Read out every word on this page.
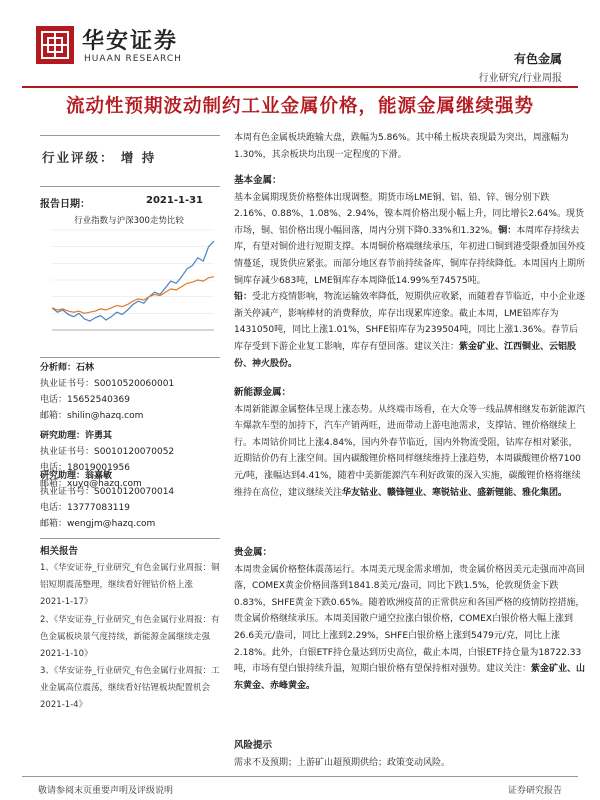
华安证券
HUAAN RESEARCH	有色金属
行业研究/行业周报
流动性预期波动制约工业金属价格，能源金属继续强势
行业评级： 增 持
报告日期：	2021-1-31
行业指数与沪深300走势比较
分析师：石林
执业证书号：S0010520060001
电话：15652540369
邮箱：shilin@hazq.com
研究助理：许勇其
执业证书号：S0010120070052
电话：18019001956
邮箱：xuyq@hazq.com
研究助理：翁嘉敏
执业证书号：S0010120070014
电话：13777083119
邮箱：wengjm@hazq.com
相关报告
1、《华安证券_行业研究_有色金属行业周报：铜铝短期震荡整理，继续看好锂钴价格上涨 2021-1-17》
2、《华安证券_行业研究_有色金属行业周报：有色金属板块景气度持续，新能源金属继续走强 2021-1-10》
3、《华安证券_行业研究_有色金属行业周报：工业金属高位震荡，继续看好钴锂板块配置机会 2021-1-4》
本周有色金属板块跑输大盘，跌幅为5.86%。其中稀土板块表现最为突出，周涨幅为1.30%，其余板块均出现一定程度的下滑。
基本金属：
基本金属期现货价格整体出现调整。期货市场LME铜、铝、铅、锌、锡分别下跌2.16%、0.88%、1.08%、2.94%，镍本周价格出现小幅上升，同比增长2.64%。现货市场，铜、铝价格出现小幅回落，周内分别下降0.33%和1.32%。铜：本周库存持续去库，有望对铜价进行短期支撑。本周铜价格端继续承压，年初进口铜到港受限叠加国外疫情蔓延，现货供应紧张。而部分地区春节前持续备库，铜库存持续降低。本周国内上期所铜库存减少683吨，LME铜库存本周降低14.99%至74575吨。
铅：受北方疫情影响，物流运输效率降低，短期供应收紧，而随着春节临近，中小企业逐渐关停减产，影响棒材的消费释放，库存出现累库迹象。截止本周，LME铅库存为1431050吨，同比上涨1.01%，SHFE铅库存为239504吨，同比上涨1.36%。春节后库存受到下游企业复工影响，库存有望回落。建议关注：紫金矿业、江西铜业、云铝股份、神火股份。
新能源金属：
本周新能源金属整体呈现上涨态势。从终端市场看，在大众等一线品牌相继发布新能源汽车爆款车型的加持下，汽车产销两旺，进而带动上游电池需求，支撑钴、锂价格继续上行。本周钴价同比上涨4.84%，国内外春节临近，国内外物流受阻，钴库存相对紧张，近期钴价仍有上涨空间。国内碳酸锂价格同样继续维持上涨趋势，本周碳酸锂价格7100元/吨，涨幅达到4.41%，随着中美新能源汽车利好政策的深入实施，碳酸锂价格将继续维持在高位，建议继续关注华友钴业、赣锋锂业、寒锐钴业、盛新锂能、雅化集团。
贵金属：
本周贵金属价格整体震荡运行。本周美元现金需求增加，贵金属价格因美元走强而冲高回落，COMEX黄金价格回落到1841.8美元/盎司，同比下跌1.5%，伦敦现货金下跌0.83%，SHFE黄金下跌0.65%。随着欧洲疫苗的正常供应和各国严格的疫情防控措施，贵金属价格继续承压。本周美国散户通空拉涨白银价格，COMEX白银价格大幅上涨到26.6美元/盎司，同比上涨到2.29%，SHFE白银价格上涨到5479元/克，同比上涨2.18%。此外，白银ETF持仓量达到历史高位，截止本周，白银ETF持仓量为18722.33吨，市场有望白银持续升温，短期白银价格有望保持相对强势。建议关注：紫金矿业、山东黄金、赤峰黄金。
风险提示
需求不及预期；上游矿山超预期供给；政策变动风险。
敬请参阅末页重要声明及评级说明	证券研究报告
